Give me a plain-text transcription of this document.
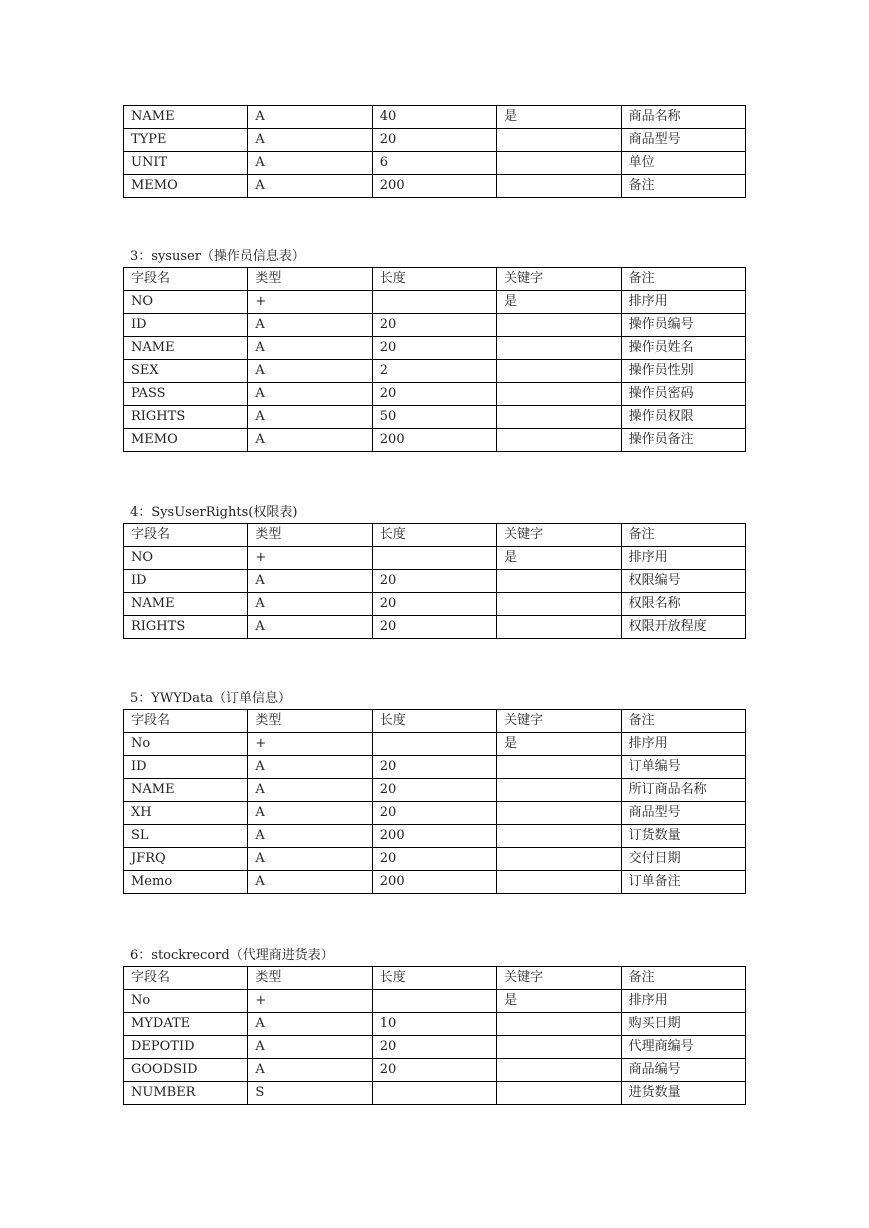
NAME	A	40	是	商品名称
TYPE	A	20		商品型号
UNIT	A	6		单位
MEMO	A	200		备注
3：sysuser（操作员信息表）
字段名	类型	长度	关键字	备注
NO	+		是	排序用
ID	A	20		操作员编号
NAME	A	20		操作员姓名
SEX	A	2		操作员性别
PASS	A	20		操作员密码
RIGHTS	A	50		操作员权限
MEMO	A	200		操作员备注
4：SysUserRights(权限表)
字段名	类型	长度	关键字	备注
NO	+		是	排序用
ID	A	20		权限编号
NAME	A	20		权限名称
RIGHTS	A	20		权限开放程度
5：YWYData（订单信息）
字段名	类型	长度	关键字	备注
No	+		是	排序用
ID	A	20		订单编号
NAME	A	20		所订商品名称
XH	A	20		商品型号
SL	A	200		订货数量
JFRQ	A	20		交付日期
Memo	A	200		订单备注
6：stockrecord（代理商进货表）
字段名	类型	长度	关键字	备注
No	+		是	排序用
MYDATE	A	10		购买日期
DEPOTID	A	20		代理商编号
GOODSID	A	20		商品编号
NUMBER	S			进货数量
